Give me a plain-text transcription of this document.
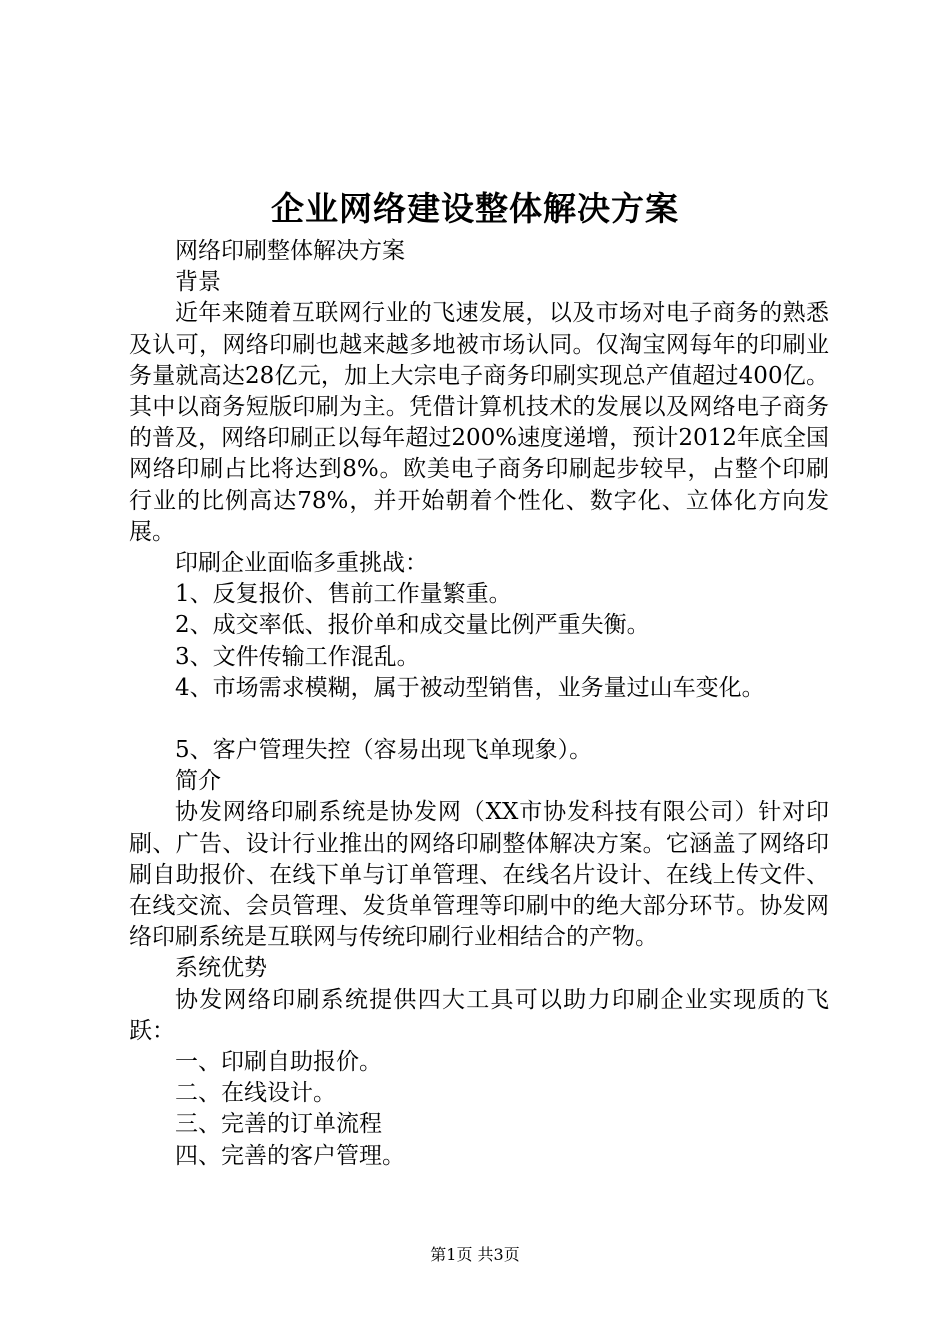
企业网络建设整体解决方案

网络印刷整体解决方案

背景

近年来随着互联网行业的飞速发展，以及市场对电子商务的熟悉及认可，网络印刷也越来越多地被市场认同。仅淘宝网每年的印刷业务量就高达28亿元，加上大宗电子商务印刷实现总产值超过400亿。其中以商务短版印刷为主。凭借计算机技术的发展以及网络电子商务的普及，网络印刷正以每年超过200%速度递增，预计2012年底全国网络印刷占比将达到8%。欧美电子商务印刷起步较早，占整个印刷行业的比例高达78%，并开始朝着个性化、数字化、立体化方向发展。

印刷企业面临多重挑战：

1、反复报价、售前工作量繁重。

2、成交率低、报价单和成交量比例严重失衡。

3、文件传输工作混乱。

4、市场需求模糊，属于被动型销售，业务量过山车变化。

5、客户管理失控（容易出现飞单现象）。

简介

协发网络印刷系统是协发网（XX市协发科技有限公司）针对印刷、广告、设计行业推出的网络印刷整体解决方案。它涵盖了网络印刷自助报价、在线下单与订单管理、在线名片设计、在线上传文件、在线交流、会员管理、发货单管理等印刷中的绝大部分环节。协发网络印刷系统是互联网与传统印刷行业相结合的产物。

系统优势

协发网络印刷系统提供四大工具可以助力印刷企业实现质的飞跃：

一、印刷自助报价。

二、在线设计。

三、完善的订单流程

四、完善的客户管理。

第1页 共3页
